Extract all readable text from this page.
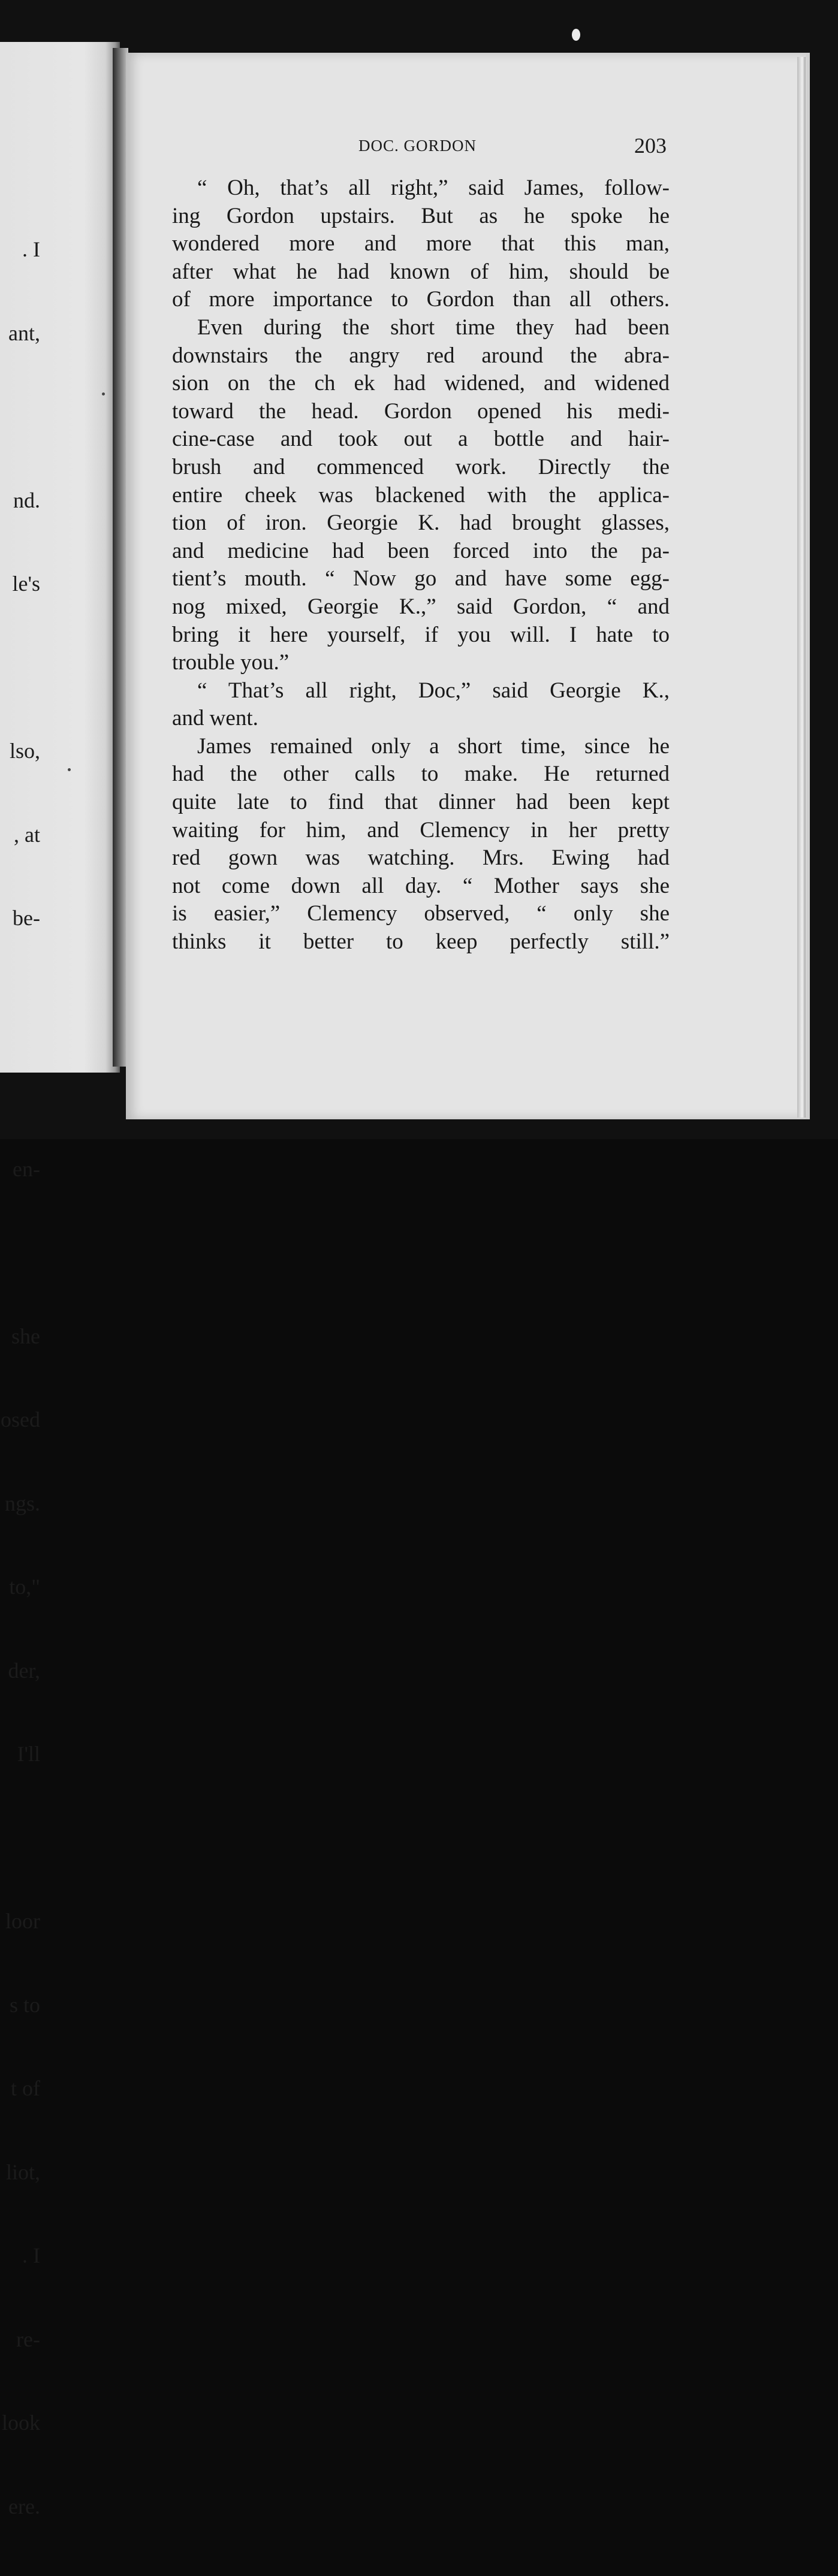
. I

ant,

nd.

le's

lso,

, at

be-

en-

she

osed

ngs.

to,"

der,

I'll

loor

s to

t of

liot,

. I

re-

look

ere.

DOC. GORDON	203
“ Oh, that’s all right,” said James, follow-
ing Gordon upstairs. But as he spoke he
wondered more and more that this man,
after what he had known of him, should be
of more importance to Gordon than all others.
Even during the short time they had been
downstairs the angry red around the abra-
sion on the ch ek had widened, and widened
toward the head. Gordon opened his medi-
cine-case and took out a bottle and hair-
brush and commenced work. Directly the
entire cheek was blackened with the applica-
tion of iron. Georgie K. had brought glasses,
and medicine had been forced into the pa-
tient’s mouth. “ Now go and have some egg-
nog mixed, Georgie K.,” said Gordon, “ and
bring it here yourself, if you will. I hate to
trouble you.”
“ That’s all right, Doc,” said Georgie K.,
and went.
James remained only a short time, since he
had the other calls to make. He returned
quite late to find that dinner had been kept
waiting for him, and Clemency in her pretty
red gown was watching. Mrs. Ewing had
not come down all day. “ Mother says she
is easier,” Clemency observed, “ only she
thinks it better to keep perfectly still.”
